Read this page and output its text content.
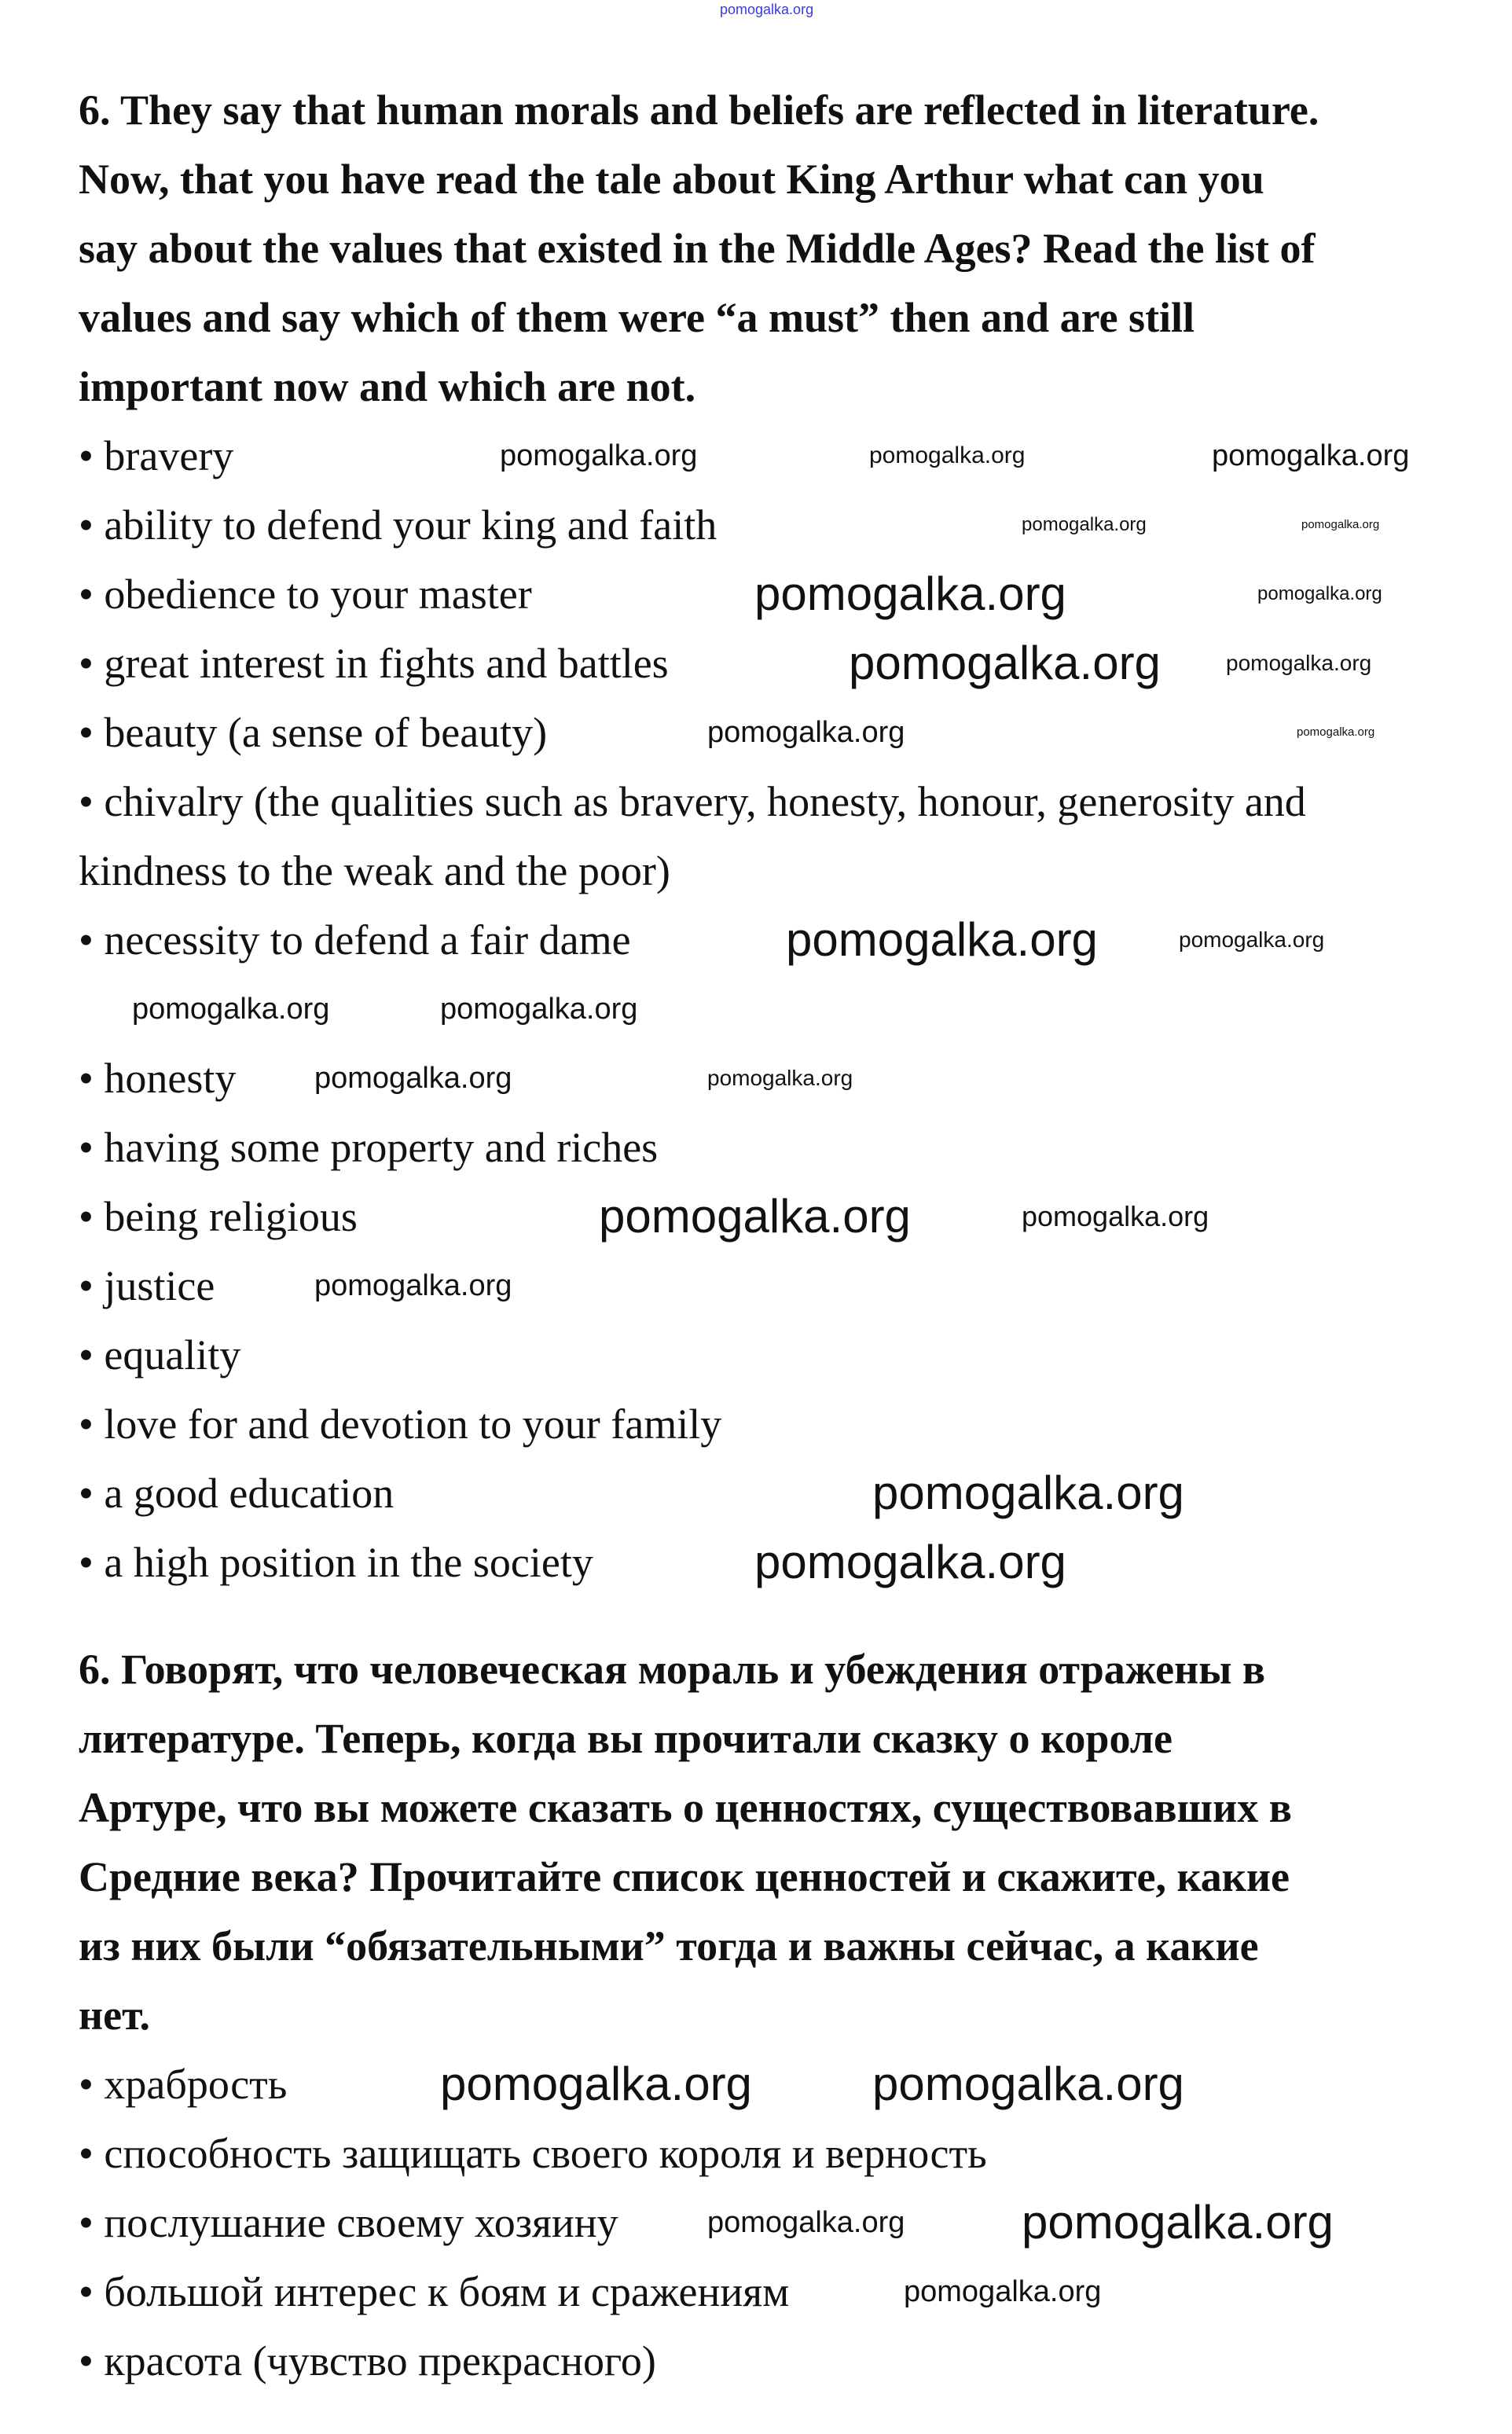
pomogalka.org
6. They say that human morals and beliefs are reflected in literature.
Now, that you have read the tale about King Arthur what can you
say about the values that existed in the Middle Ages? Read the list of
values and say which of them were “a must” then and are still
important now and which are not.
• bravery
• ability to defend your king and faith
• obedience to your master
• great interest in fights and battles
• beauty (a sense of beauty)
• chivalry (the qualities such as bravery, honesty, honour, generosity and
kindness to the weak and the poor)
• necessity to defend a fair dame
• honesty
• having some property and riches
• being religious
• justice
• equality
• love for and devotion to your family
• a good education
• a high position in the society
6. Говорят, что человеческая мораль и убеждения отражены в
литературе. Теперь, когда вы прочитали сказку о короле
Артуре, что вы можете сказать о ценностях, существовавших в
Средние века? Прочитайте список ценностей и скажите, какие
из них были “обязательными” тогда и важны сейчас, а какие
нет.
• храбрость
• способность защищать своего короля и верность
• послушание своему хозяину
• большой интерес к боям и сражениям
• красота (чувство прекрасного)
pomogalka.org	pomogalka.org	pomogalka.org
pomogalka.org
pomogalka.org
pomogalka.org	pomogalka.org
pomogalka.org
pomogalka.org
pomogalka.org
pomogalka.org	pomogalka.org
pomogalka.org
pomogalka.org
pomogalka.org	pomogalka.org
pomogalka.org
pomogalka.org	pomogalka.org
pomogalka.org
pomogalka.org
pomogalka.org
pomogalka.org	pomogalka.org
pomogalka.org
pomogalka.org
pomogalka.org
